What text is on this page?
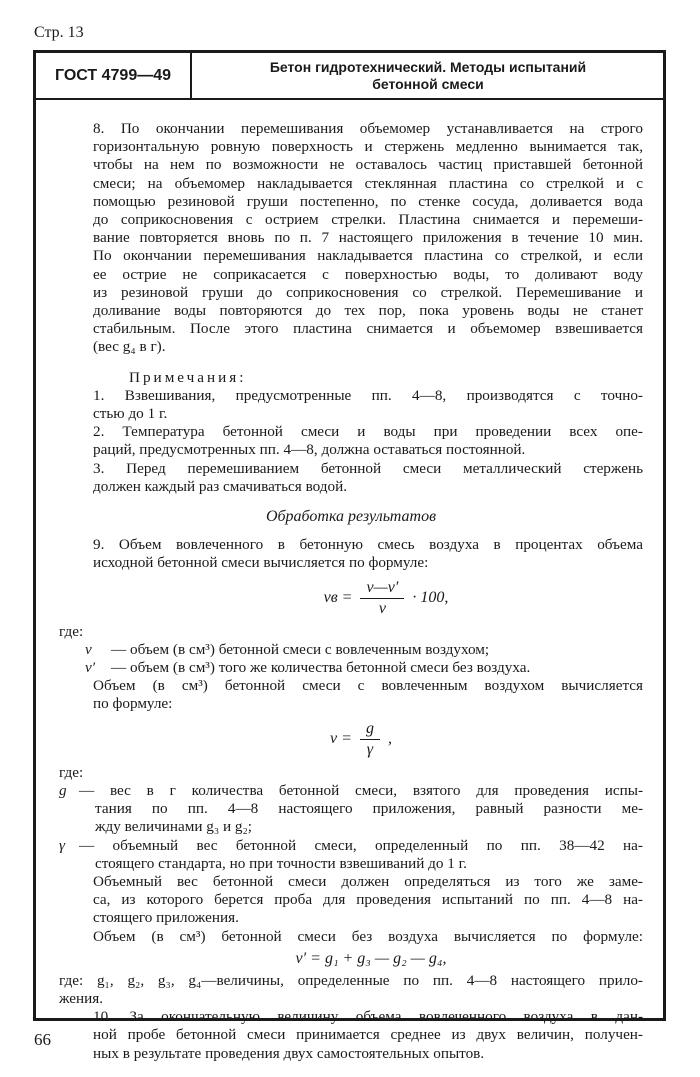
Стр. 13
ГОСТ 4799—49	Бетон гидротехнический. Методы испытаний
бетонной смеси

8. По окончании перемешивания объемомер устанавливается на строго
горизонтальную ровную поверхность и стержень медленно вынимается так,
чтобы на нем по возможности не оставалось частиц приставшей бетонной
смеси; на объемомер накладывается стеклянная пластина со стрелкой и с
помощью резиновой груши постепенно, по стенке сосуда, доливается вода
до соприкосновения с острием стрелки. Пластина снимается и перемеши-
вание повторяется вновь по п. 7 настоящего приложения в течение 10 мин.
По окончании перемешивания накладывается пластина со стрелкой, и если
ее острие не соприкасается с поверхностью воды, то доливают воду
из резиновой груши до соприкосновения со стрелкой. Перемешивание и
доливание воды повторяются до тех пор, пока уровень воды не станет
стабильным. После этого пластина снимается и объемомер взвешивается
(вес g₄ в г).

Примечания:

1. Взвешивания, предусмотренные пп. 4—8, производятся с точно-
стью до 1 г.

2. Температура бетонной смеси и воды при проведении всех опе-
раций, предусмотренных пп. 4—8, должна оставаться постоянной.

3. Перед перемешиванием бетонной смеси металлический стержень
должен каждый раз смачиваться водой.

Обработка результатов

9. Объем вовлеченного в бетонную смесь воздуха в процентах объема
исходной бетонной смеси вычисляется по формуле:

vв = $\frac{v—v'}{v} \cdot 100$,

где:

v	— объем (в см³) бетонной смеси с вовлеченным воздухом;
v′	— объем (в см³) того же количества бетонной смеси без воздуха.

Объем (в см³) бетонной смеси с вовлеченным воздухом вычисляется
по формуле:

$v = \frac{g}{\gamma}$ ,

где:

g — вес в г количества бетонной смеси, взятого для проведения испы-
тания по пп. 4—8 настоящего приложения, равный разности ме-
жду величинами g₃ и g₂;
γ — объемный вес бетонной смеси, определенный по пп. 38—42 на-
стоящего стандарта, но при точности взвешиваний до 1 г.

Объемный вес бетонной смеси должен определяться из того же заме-
са, из которого берется проба для проведения испытаний по пп. 4—8 на-
стоящего приложения.

Объем (в см³) бетонной смеси без воздуха вычисляется по формуле:

v′ = g₁ + g₃ — g₂ — g₄,

где: g₁, g₂, g₃, g₄—величины, определенные по пп. 4—8 настоящего прило-
жения.

10. За окончательную величину объема вовлеченного воздуха в дан-
ной пробе бетонной смеси принимается среднее из двух величин, получен-
ных в результате проведения двух самостоятельных опытов.

66
